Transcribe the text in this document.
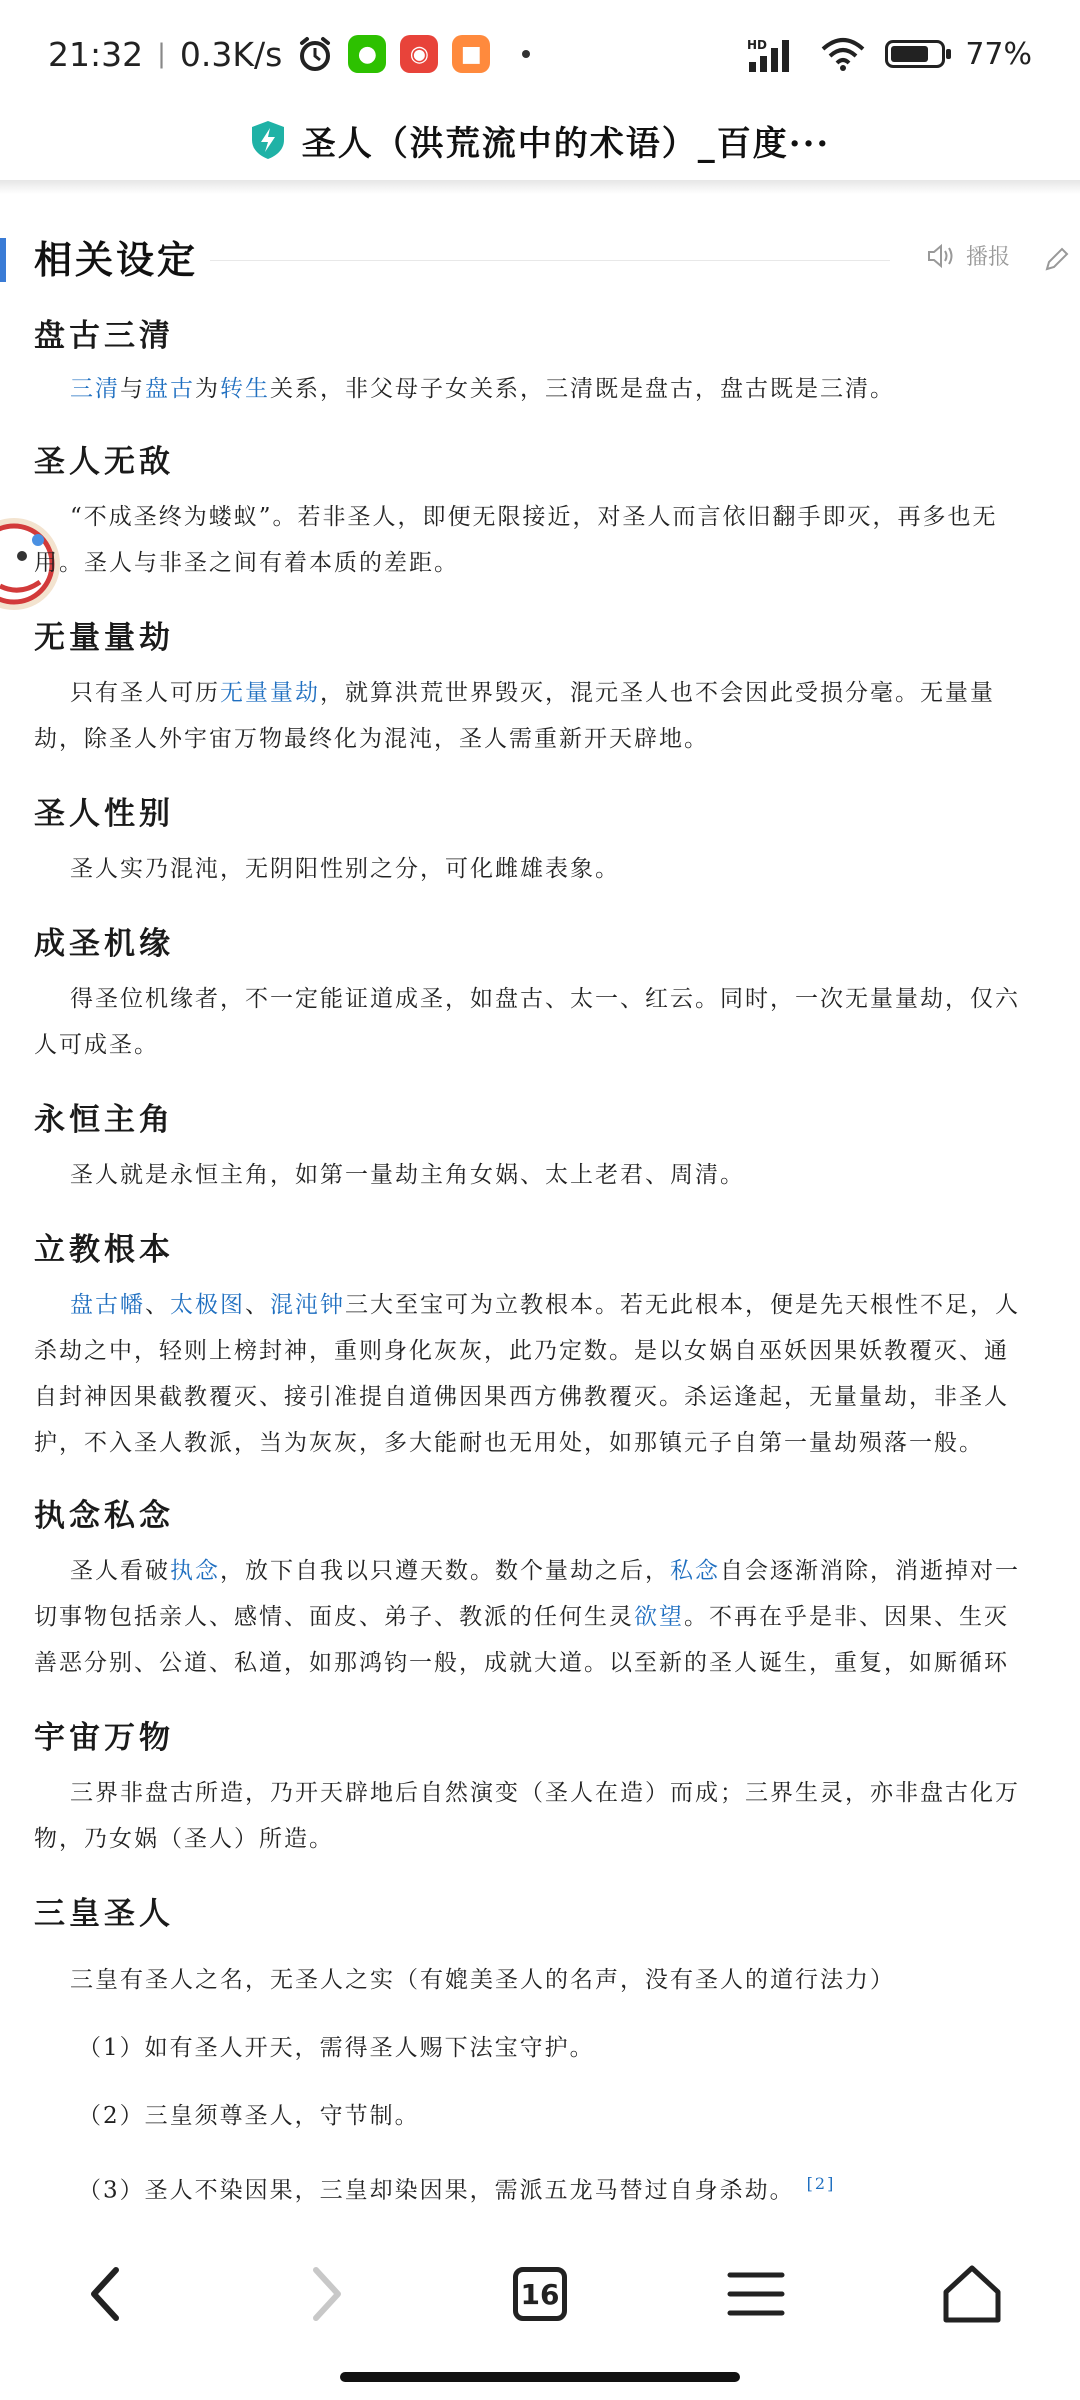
21:32 | 0.3K/s	●	◉	■	HD	77%
圣人（洪荒流中的术语）_百度···
相关设定	播报
盘古三清
三清与盘古为转生关系，非父母子女关系，三清既是盘古，盘古既是三清。
圣人无敌
“不成圣终为蝼蚁”。若非圣人，即便无限接近，对圣人而言依旧翻手即灭，再多也无
用。圣人与非圣之间有着本质的差距。
无量量劫
只有圣人可历无量量劫，就算洪荒世界毁灭，混元圣人也不会因此受损分毫。无量量
劫，除圣人外宇宙万物最终化为混沌，圣人需重新开天辟地。
圣人性别
圣人实乃混沌，无阴阳性别之分，可化雌雄表象。
成圣机缘
得圣位机缘者，不一定能证道成圣，如盘古、太一、红云。同时，一次无量量劫，仅六
人可成圣。
永恒主角
圣人就是永恒主角，如第一量劫主角女娲、太上老君、周清。
立教根本
盘古幡、太极图、混沌钟三大至宝可为立教根本。若无此根本，便是先天根性不足，人
杀劫之中，轻则上榜封神，重则身化灰灰，此乃定数。是以女娲自巫妖因果妖教覆灭、通
自封神因果截教覆灭、接引准提自道佛因果西方佛教覆灭。杀运逢起，无量量劫，非圣人
护，不入圣人教派，当为灰灰，多大能耐也无用处，如那镇元子自第一量劫殒落一般。
执念私念
圣人看破执念，放下自我以只遵天数。数个量劫之后，私念自会逐渐消除，消逝掉对一
切事物包括亲人、感情、面皮、弟子、教派的任何生灵欲望。不再在乎是非、因果、生灭
善恶分别、公道、私道，如那鸿钧一般，成就大道。以至新的圣人诞生，重复，如厮循环
宇宙万物
三界非盘古所造，乃开天辟地后自然演变（圣人在造）而成；三界生灵，亦非盘古化万
物，乃女娲（圣人）所造。
三皇圣人
三皇有圣人之名，无圣人之实（有媲美圣人的名声，没有圣人的道行法力）
（1）如有圣人开天，需得圣人赐下法宝守护。
（2）三皇须尊圣人，守节制。
（3）圣人不染因果，三皇却染因果，需派五龙马替过自身杀劫。 [2]
16
